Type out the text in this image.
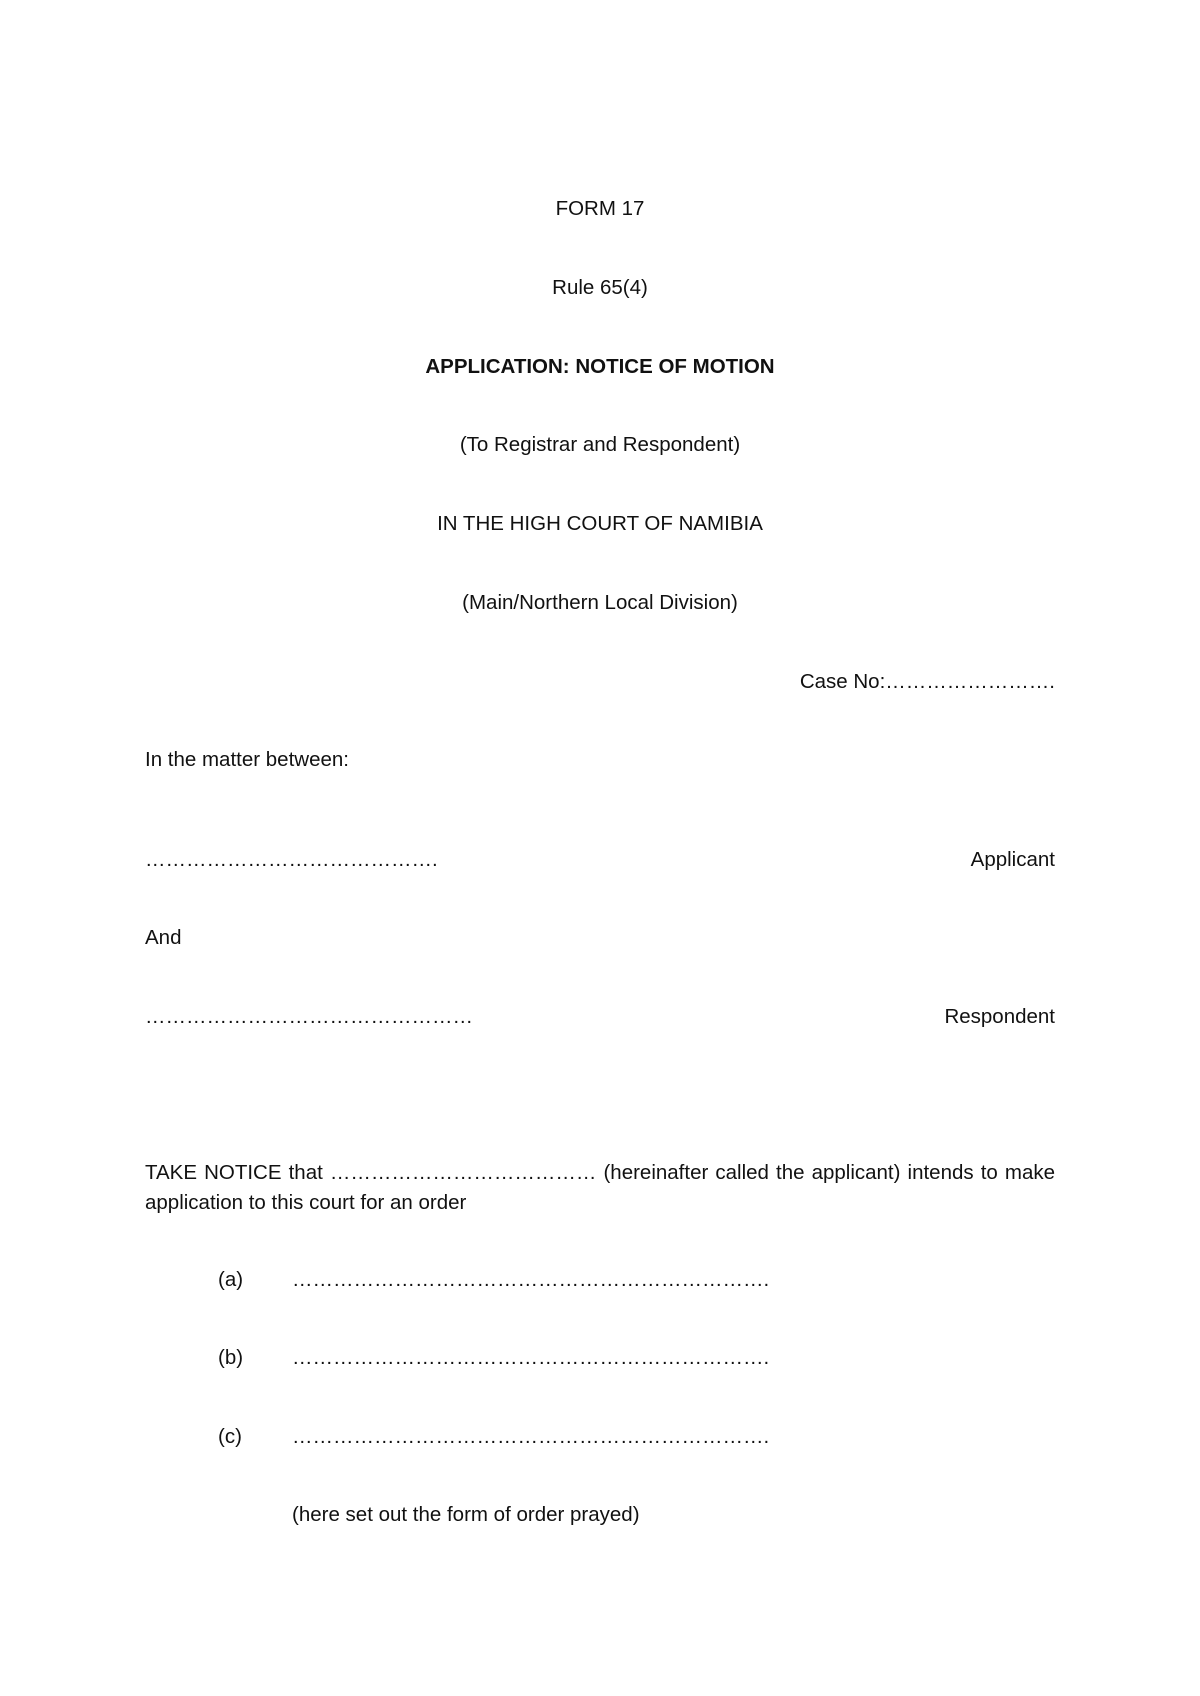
FORM 17
Rule 65(4)
APPLICATION: NOTICE OF MOTION
(To Registrar and Respondent)
IN THE HIGH COURT OF NAMIBIA
(Main/Northern Local Division)
Case No:…………………….
In the matter between:
…………………………………….	Applicant
And
…………………………………………	Respondent
TAKE NOTICE that ………………………………… (hereinafter called the applicant) intends to make application to this court for an order
(a) …………………………………………………………….
(b) …………………………………………………………….
(c) …………………………………………………………….
(here set out the form of order prayed)
